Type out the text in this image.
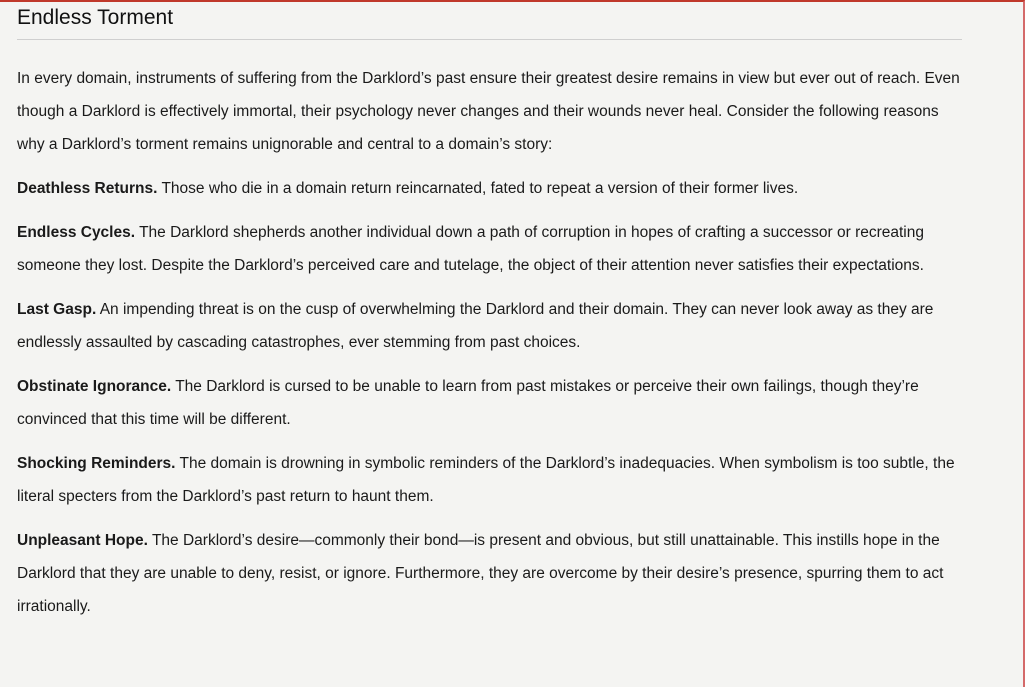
Endless Torment

In every domain, instruments of suffering from the Darklord’s past ensure their greatest desire remains in view but ever out of reach. Even though a Darklord is effectively immortal, their psychology never changes and their wounds never heal. Consider the following reasons why a Darklord’s torment remains unignorable and central to a domain’s story:

Deathless Returns. Those who die in a domain return reincarnated, fated to repeat a version of their former lives.

Endless Cycles. The Darklord shepherds another individual down a path of corruption in hopes of crafting a successor or recreating someone they lost. Despite the Darklord’s perceived care and tutelage, the object of their attention never satisfies their expectations.

Last Gasp. An impending threat is on the cusp of overwhelming the Darklord and their domain. They can never look away as they are endlessly assaulted by cascading catastrophes, ever stemming from past choices.

Obstinate Ignorance. The Darklord is cursed to be unable to learn from past mistakes or perceive their own failings, though they’re convinced that this time will be different.

Shocking Reminders. The domain is drowning in symbolic reminders of the Darklord’s inadequacies. When symbolism is too subtle, the literal specters from the Darklord’s past return to haunt them.

Unpleasant Hope. The Darklord’s desire—commonly their bond—is present and obvious, but still unattainable. This instills hope in the Darklord that they are unable to deny, resist, or ignore. Furthermore, they are overcome by their desire’s presence, spurring them to act irrationally.
